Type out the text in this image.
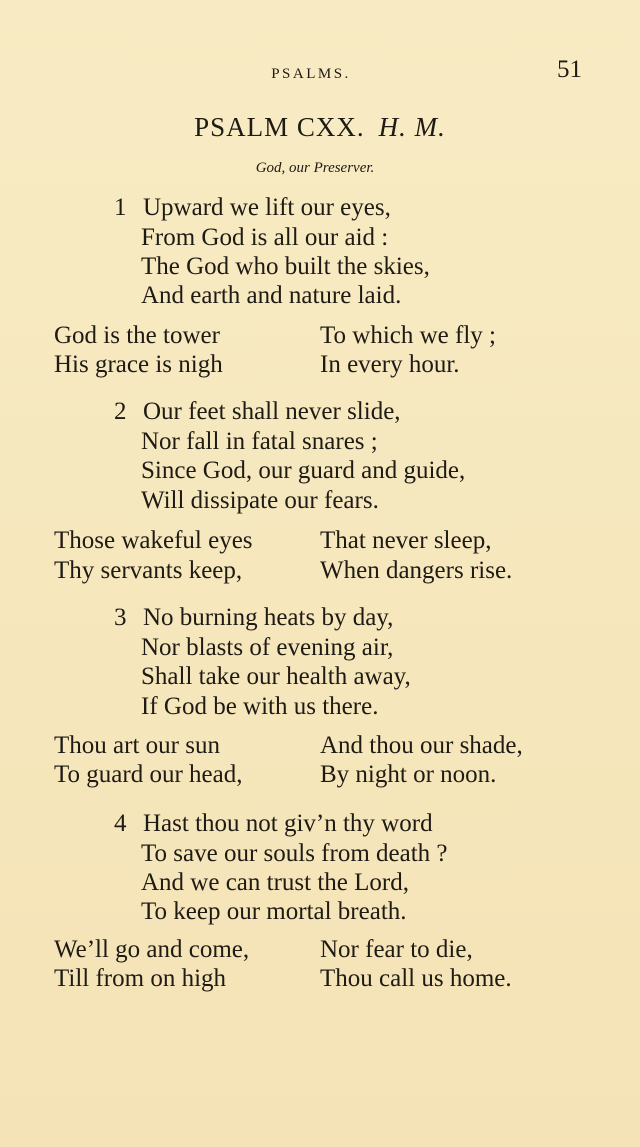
PSALMS.	51
PSALM CXX. H. M.
God, our Preserver.
1 Upward we lift our eyes,
From God is all our aid :
The God who built the skies,
And earth and nature laid.
God is the tower	To which we fly ;
His grace is nigh	In every hour.
2 Our feet shall never slide,
Nor fall in fatal snares ;
Since God, our guard and guide,
Will dissipate our fears.
Those wakeful eyes	That never sleep,
Thy servants keep,	When dangers rise.
3 No burning heats by day,
Nor blasts of evening air,
Shall take our health away,
If God be with us there.
Thou art our sun	And thou our shade,
To guard our head,	By night or noon.
4 Hast thou not giv’n thy word
To save our souls from death ?
And we can trust the Lord,
To keep our mortal breath.
We’ll go and come,	Nor fear to die,
Till from on high	Thou call us home.
